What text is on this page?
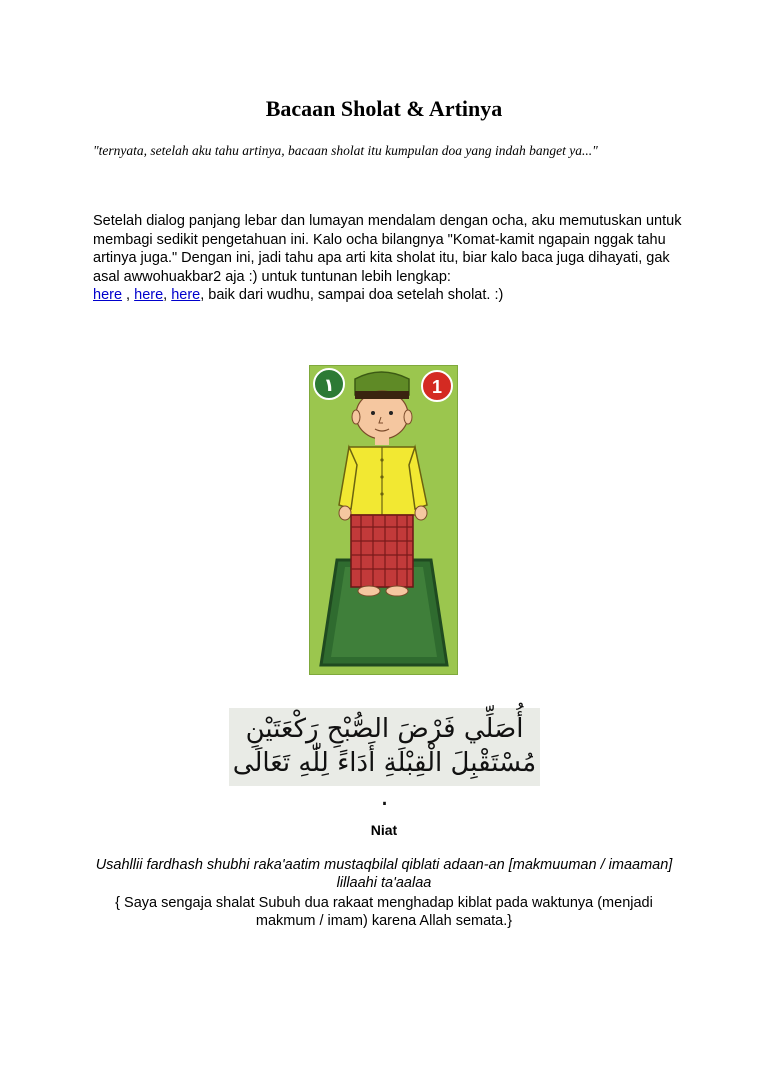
Bacaan Sholat & Artinya
"ternyata, setelah aku tahu artinya, bacaan sholat itu kumpulan doa yang indah banget ya..."

Setelah dialog panjang lebar dan lumayan mendalam dengan ocha, aku memutuskan untuk membagi sedikit pengetahuan ini. Kalo ocha bilangnya "Komat-kamit ngapain nggak tahu artinya juga." Dengan ini, jadi tahu apa arti kita sholat itu, biar kalo baca juga dihayati, gak asal awwohuakbar2 aja :) untuk tuntunan lebih lengkap:

here , here, here, baik dari wudhu, sampai doa setelah sholat. :)

١	1
أُصَلِّي فَرْضَ الصُّبْحِ رَكْعَتَيْنِ مُسْتَقْبِلَ الْقِبْلَةِ أَدَاءً لِلّٰهِ تَعَالَى .
Niat
Usahllii fardhash shubhi raka'aatim mustaqbilal qiblati adaan-an [makmuuman / imaaman] lillaahi ta'aalaa
{ Saya sengaja shalat Subuh dua rakaat menghadap kiblat pada waktunya (menjadi makmum / imam) karena Allah semata.}
